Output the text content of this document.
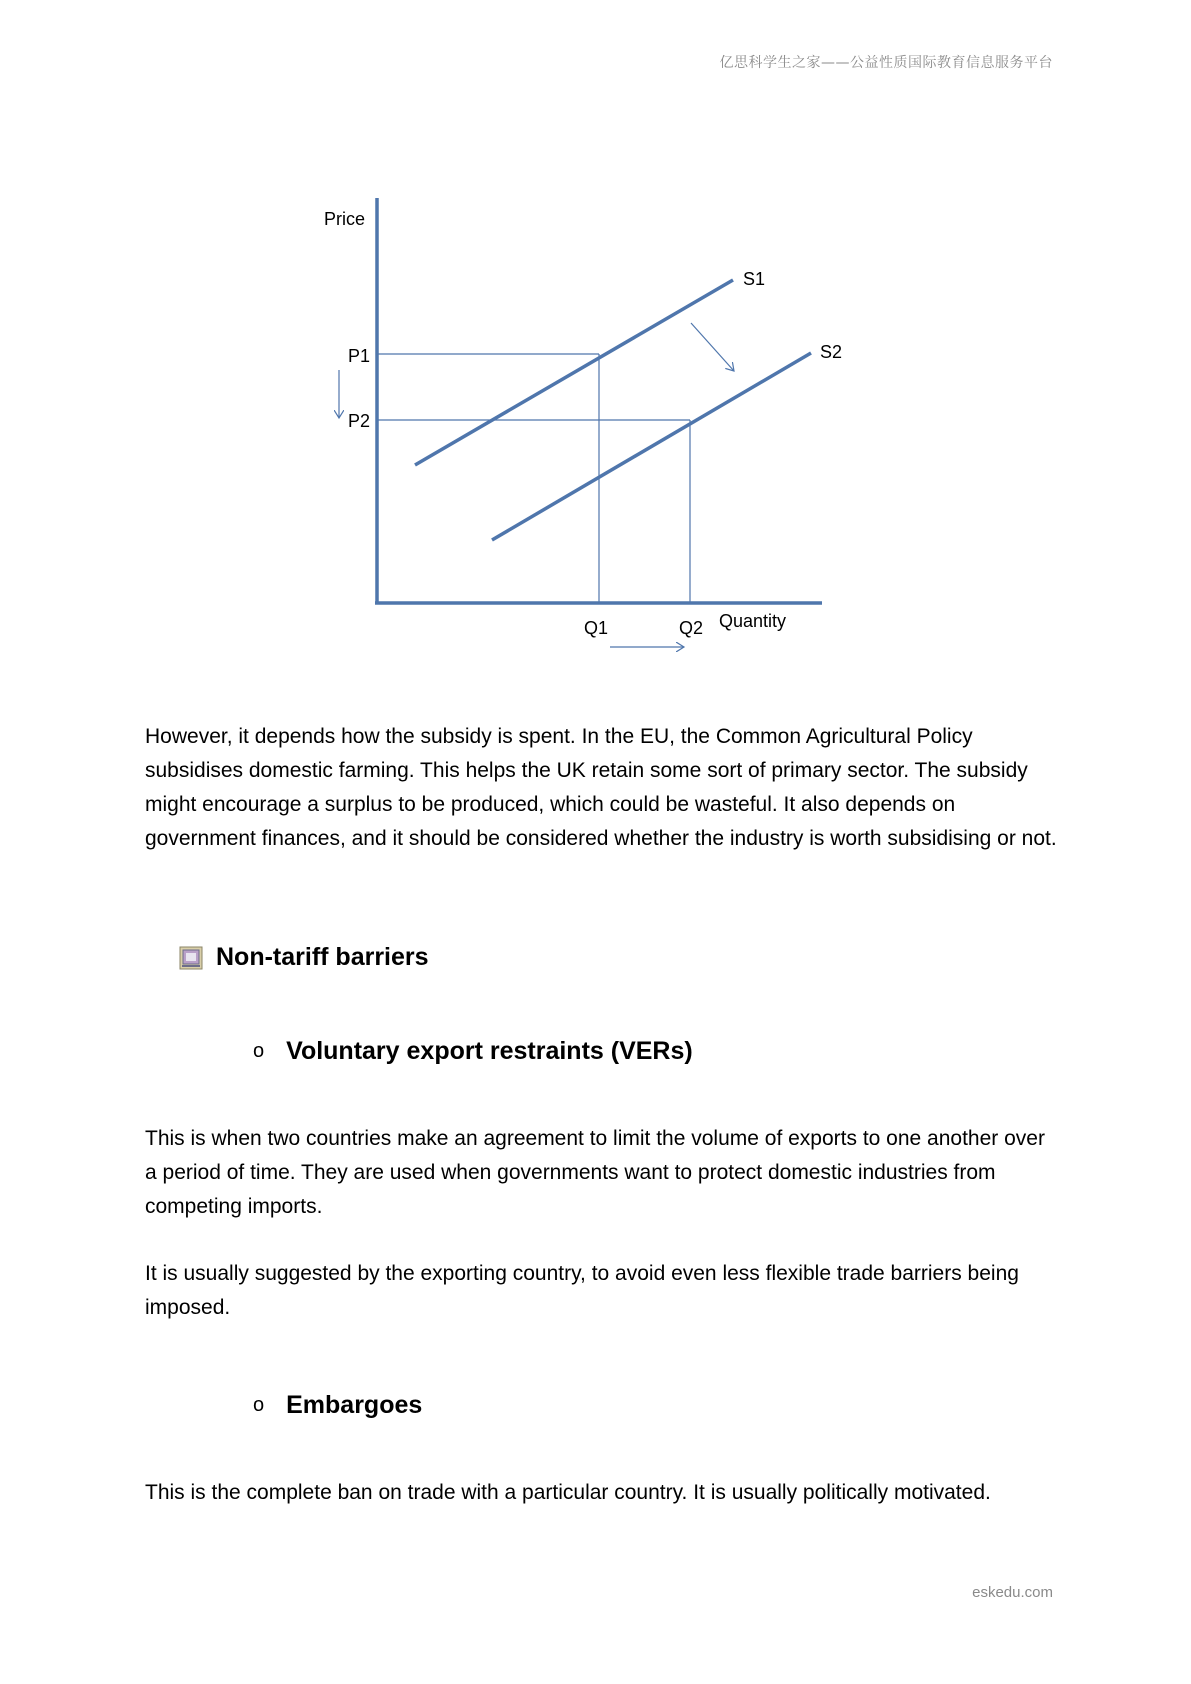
亿思科学生之家——公益性质国际教育信息服务平台
Price
Quantity
S1
S2
P1
P2
Q1	Q2

However, it depends how the subsidy is spent. In the EU, the Common Agricultural Policy subsidises domestic farming. This helps the UK retain some sort of primary sector. The subsidy might encourage a surplus to be produced, which could be wasteful. It also depends on government finances, and it should be considered whether the industry is worth subsidising or not.

Non-tariff barriers
o Voluntary export restraints (VERs)

This is when two countries make an agreement to limit the volume of exports to one another over a period of time. They are used when governments want to protect domestic industries from competing imports.

It is usually suggested by the exporting country, to avoid even less flexible trade barriers being imposed.

o Embargoes

This is the complete ban on trade with a particular country. It is usually politically motivated.

eskedu.com
